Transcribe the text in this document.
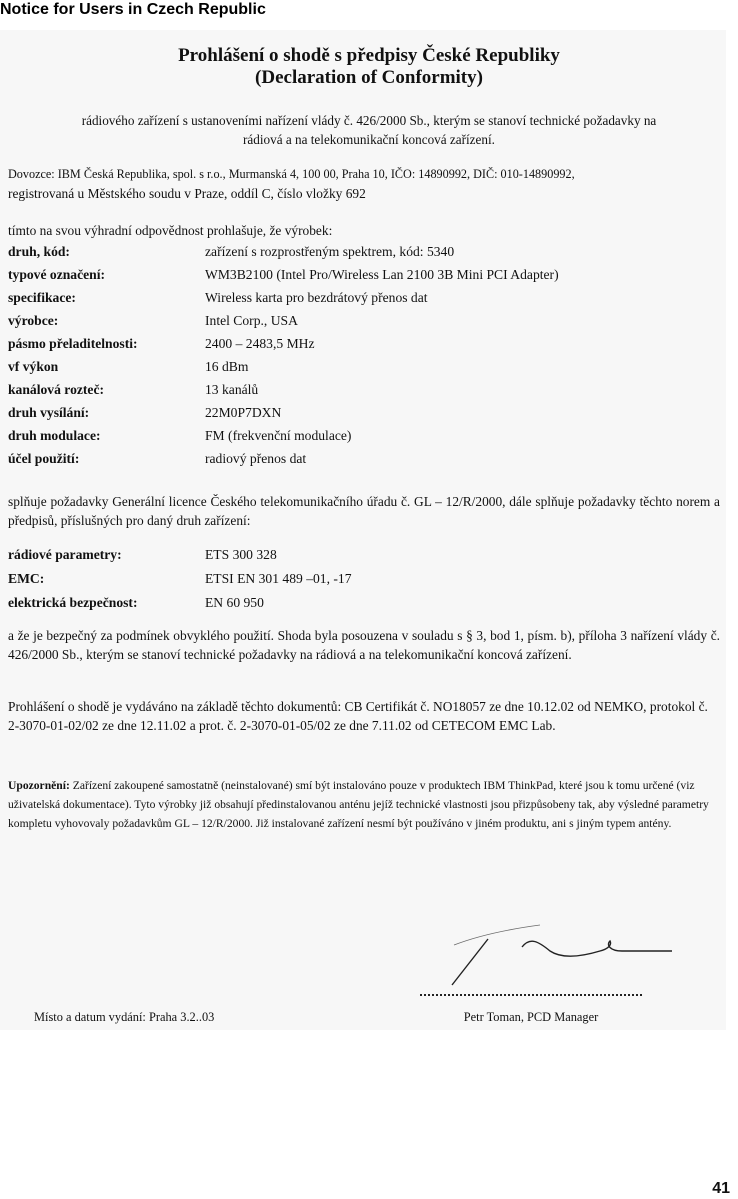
Notice for Users in Czech Republic
Prohlášení o shodě s předpisy České Republiky
(Declaration of Conformity)
rádiového zařízení s ustanoveními nařízení vlády č. 426/2000 Sb., kterým se stanoví technické požadavky na
rádiová a na telekomunikační koncová zařízení.
Dovozce: IBM Česká Republika, spol. s r.o., Murmanská 4, 100 00, Praha 10, IČO: 14890992, DIČ: 010-14890992,
registrovaná u Městského soudu v Praze, oddíl C, číslo vložky 692
tímto na svou výhradní odpovědnost prohlašuje, že výrobek:
druh, kód:	zařízení s rozprostřeným spektrem, kód: 5340
typové označení:	WM3B2100 (Intel Pro/Wireless Lan 2100 3B Mini PCI Adapter)
specifikace:	Wireless karta pro bezdrátový přenos dat
výrobce:	Intel Corp., USA
pásmo přeladitelnosti:	2400 – 2483,5 MHz
vf výkon	16 dBm
kanálová rozteč:	13 kanálů
druh vysílání:	22M0P7DXN
druh modulace:	FM (frekvenční modulace)
účel použití:	radiový přenos dat
splňuje požadavky Generální licence Českého telekomunikačního úřadu č. GL – 12/R/2000, dále splňuje požadavky těchto norem a předpisů, příslušných pro daný druh zařízení:
rádiové parametry:	ETS 300 328
EMC:	ETSI EN 301 489 –01, -17
elektrická bezpečnost:	EN 60 950
a že je bezpečný za podmínek obvyklého použití. Shoda byla posouzena v souladu s § 3, bod 1, písm. b), příloha 3 nařízení vlády č. 426/2000 Sb., kterým se stanoví technické požadavky na rádiová a na telekomunikační koncová zařízení.
Prohlášení o shodě je vydáváno na základě těchto dokumentů: CB Certifikát č. NO18057 ze dne 10.12.02 od NEMKO, protokol č. 2-3070-01-02/02 ze dne 12.11.02 a prot. č. 2-3070-01-05/02 ze dne 7.11.02 od CETECOM EMC Lab.
Upozornění: Zařízení zakoupené samostatně (neinstalované) smí být instalováno pouze v produktech IBM ThinkPad, které jsou k tomu určené (viz uživatelská dokumentace). Tyto výrobky již obsahují předinstalovanou anténu jejíž technické vlastnosti jsou přizpůsobeny tak, aby výsledné parametry kompletu vyhovovaly požadavkům GL – 12/R/2000. Již instalované zařízení nesmí být používáno v jiném produktu, ani s jiným typem antény.
Místo a datum vydání: Praha 3.2..03	Petr Toman, PCD Manager
41
